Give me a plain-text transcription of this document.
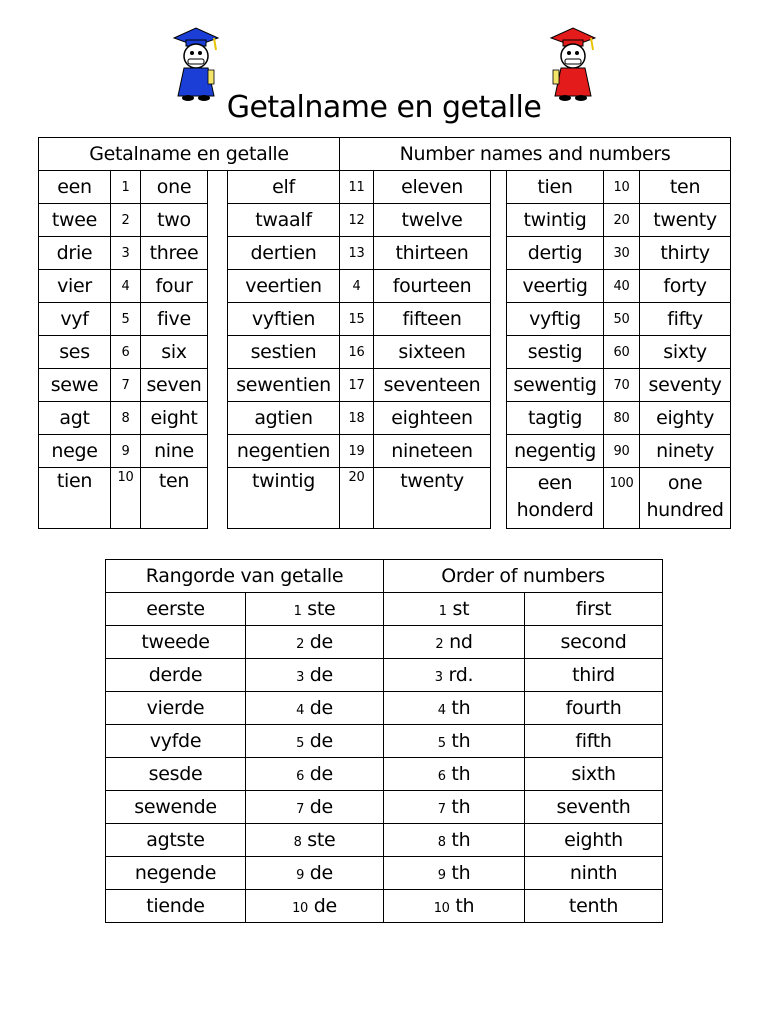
Getalname en getalle
Getalname en getalle					Number names and numbers					
een	1	one		elf	11	eleven		tien	10	ten
twee	2	two		twaalf	12	twelve		twintig	20	twenty
drie	3	three		dertien	13	thirteen		dertig	30	thirty
vier	4	four		veertien	4	fourteen		veertig	40	forty
vyf	5	five		vyftien	15	fifteen		vyftig	50	fifty
ses	6	six		sestien	16	sixteen		sestig	60	sixty
sewe	7	seven		sewentien	17	seventeen		sewentig	70	seventy
agt	8	eight		agtien	18	eighteen		tagtig	80	eighty
nege	9	nine		negentien	19	nineteen		negentig	90	ninety
tien	10	ten		twintig	20	twenty		een honderd	100	one hundred
Rangorde van getalle		Order of numbers	
eerste	1 ste	1 st	first
tweede	2 de	2 nd	second
derde	3 de	3 rd.	third
vierde	4 de	4 th	fourth
vyfde	5 de	5 th	fifth
sesde	6 de	6 th	sixth
sewende	7 de	7 th	seventh
agtste	8 ste	8 th	eighth
negende	9 de	9 th	ninth
tiende	10 de	10 th	tenth
